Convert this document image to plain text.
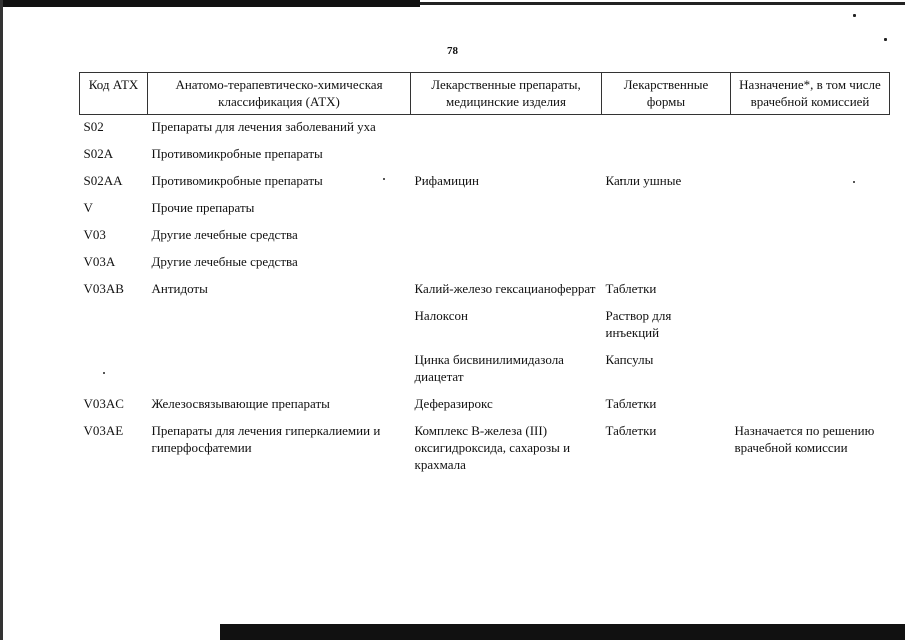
78
Код АТХ	Анатомо-терапевтическо-химическая классификация (АТХ)	Лекарственные препараты, медицинские изделия	Лекарственные формы	Назначение*, в том числе врачебной комиссией
S02	Препараты для лечения заболеваний уха			
S02A	Противомикробные препараты			
S02AA	Противомикробные препараты	Рифамицин	Капли ушные	
V	Прочие препараты			
V03	Другие лечебные средства			
V03A	Другие лечебные средства			
V03AB	Антидоты	Калий-железо гексацианоферрат	Таблетки	
		Налоксон	Раствор для инъекций	
		Цинка бисвинилимидазола диацетат	Капсулы	
V03AC	Железосвязывающие препараты	Деферазирокс	Таблетки	
V03AE	Препараты для лечения гиперкалиемии и гиперфосфатемии	Комплекс В-железа (III) оксигидроксида, сахарозы и крахмала	Таблетки	Назначается по решению врачебной комиссии
